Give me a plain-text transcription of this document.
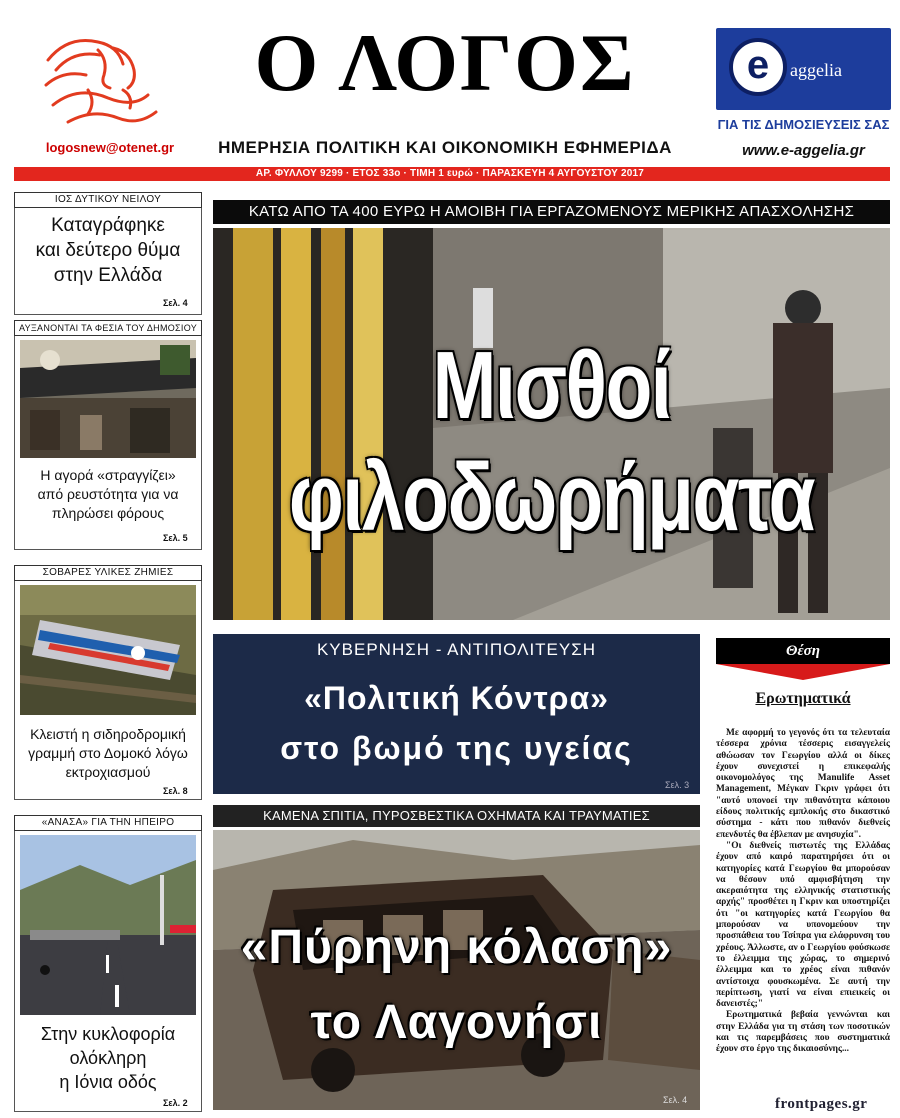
logosnew@otenet.gr
Ο ΛΟΓΟΣ
ΗΜΕΡΗΣΙΑ ΠΟΛΙΤΙΚΗ ΚΑΙ ΟΙΚΟΝΟΜΙΚΗ ΕΦΗΜΕΡΙΔΑ
e	aggelia
ΓΙΑ ΤΙΣ ΔΗΜΟΣΙΕΥΣΕΙΣ ΣΑΣ
www.e-aggelia.gr
ΑΡ. ΦΥΛΛΟΥ 9299 · ΕΤΟΣ 33ο · ΤΙΜΗ 1 ευρώ · ΠΑΡΑΣΚΕΥΗ 4 ΑΥΓΟΥΣΤΟΥ 2017
ΙΟΣ ΔΥΤΙΚΟΥ ΝΕΙΛΟΥ
Καταγράφηκε
και δεύτερο θύμα
στην Ελλάδα
Σελ. 4
ΑΥΞΑΝΟΝΤΑΙ ΤΑ ΦΕΣΙΑ ΤΟΥ ΔΗΜΟΣΙΟΥ
Η αγορά «στραγγίζει»
από ρευστότητα για να
πληρώσει φόρους
Σελ. 5
ΣΟΒΑΡΕΣ ΥΛΙΚΕΣ ΖΗΜΙΕΣ
Κλειστή η σιδηροδρομική
γραμμή στο Δομοκό λόγω
εκτροχιασμού
Σελ. 8
«ΑΝΑΣΑ» ΓΙΑ ΤΗΝ ΗΠΕΙΡΟ
Στην κυκλοφορία
ολόκληρη
η Ιόνια οδός
Σελ. 2
ΚΑΤΩ ΑΠΟ ΤΑ 400 ΕΥΡΩ Η ΑΜΟΙΒΗ ΓΙΑ ΕΡΓΑΖΟΜΕΝΟΥΣ ΜΕΡΙΚΗΣ ΑΠΑΣΧΟΛΗΣΗΣ
Μισθοί
φιλοδωρήματα
ΚΥΒΕΡΝΗΣΗ - ΑΝΤΙΠΟΛΙΤΕΥΣΗ
«Πολιτική Κόντρα»
στο βωμό της υγείας
Σελ. 3
ΚΑΜΕΝΑ ΣΠΙΤΙΑ, ΠΥΡΟΣΒΕΣΤΙΚΑ ΟΧΗΜΑΤΑ ΚΑΙ ΤΡΑΥΜΑΤΙΕΣ
«Πύρηνη κόλαση»
το Λαγονήσι
Σελ. 4
Θέση
Ερωτηματικά

Με αφορμή το γεγονός ότι τα τελευταία τέσσερα χρόνια τέσσερις εισαγγελείς αθώωσαν τον Γεωργίου αλλά οι δίκες έχουν συνεχιστεί η επικεφαλής οικονομολόγος της Manulife Asset Management, Μέγκαν Γκριν γράφει ότι "αυτό υπονοεί την πιθανότητα κάποιου είδους πολιτικής εμπλοκής στο δικαστικό σύστημα - κάτι που πιθανόν διεθνείς επενδυτές θα έβλεπαν με ανησυχία".

"Οι διεθνείς πιστωτές της Ελλάδας έχουν από καιρό παρατηρήσει ότι οι κατηγορίες κατά Γεωργίου θα μπορούσαν να θέσουν υπό αμφισβήτηση την ακεραιότητα της ελληνικής στατιστικής αρχής" προσθέτει η Γκριν και υποστηρίζει ότι "οι κατηγορίες κατά Γεωργίου θα μπορούσαν να υπονομεύουν την προσπάθεια του Τσίπρα για ελάφρυνση του χρέους. Άλλωστε, αν ο Γεωργίου φούσκωσε το έλλειμμα της χώρας, το σημερινό έλλειμμα και το χρέος είναι πιθανόν αντίστοιχα φουσκωμένα. Σε αυτή την περίπτωση, γιατί να είναι επιεικείς οι δανειστές;"

Ερωτηματικά βεβαία γεννώνται και στην Ελλάδα για τη στάση των ποσοτικών και τις παρεμβάσεις που συστηματικά έχουν στο έργο της δικαιοσύνης...

frontpages.gr
